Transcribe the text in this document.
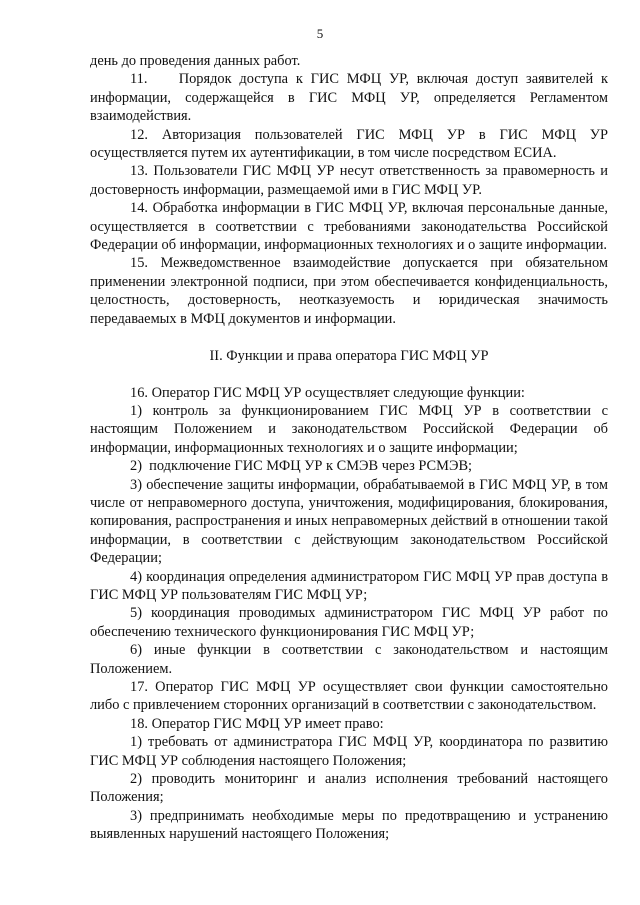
5

день до проведения данных работ.

11.    Порядок доступа к ГИС МФЦ УР, включая доступ заявителей к информации, содержащейся в ГИС МФЦ УР, определяется Регламентом взаимодействия.

12. Авторизация пользователей ГИС МФЦ УР в ГИС МФЦ УР осуществляется путем их аутентификации, в том числе посредством ЕСИА.

13. Пользователи ГИС МФЦ УР несут ответственность за правомерность и достоверность информации, размещаемой ими в ГИС МФЦ УР.

14. Обработка информации в ГИС МФЦ УР, включая персональные данные, осуществляется в соответствии с требованиями законодательства Российской Федерации об информации, информационных технологиях и о защите информации.

15. Межведомственное взаимодействие допускается при обязательном применении электронной подписи, при этом обеспечивается конфиденциальность, целостность, достоверность, неотказуемость и юридическая значимость передаваемых в МФЦ документов и информации.

II. Функции и права оператора ГИС МФЦ УР

16. Оператор ГИС МФЦ УР осуществляет следующие функции:

1) контроль за функционированием ГИС МФЦ УР в соответствии с настоящим Положением и законодательством Российской Федерации об информации, информационных технологиях и о защите информации;

2)  подключение ГИС МФЦ УР к СМЭВ через РСМЭВ;

3) обеспечение защиты информации, обрабатываемой в ГИС МФЦ УР, в том числе от неправомерного доступа, уничтожения, модифицирования, блокирования, копирования, распространения и иных неправомерных действий в отношении такой информации, в соответствии с действующим законодательством Российской Федерации;

4) координация определения администратором ГИС МФЦ УР прав доступа в ГИС МФЦ УР пользователям ГИС МФЦ УР;

5) координация проводимых администратором ГИС МФЦ УР работ по обеспечению технического функционирования ГИС МФЦ УР;

6) иные функции в соответствии с законодательством и настоящим Положением.

17. Оператор ГИС МФЦ УР осуществляет свои функции самостоятельно либо с привлечением сторонних организаций в соответствии с законодательством.

18. Оператор ГИС МФЦ УР имеет право:

1) требовать от администратора ГИС МФЦ УР, координатора по развитию ГИС МФЦ УР соблюдения настоящего Положения;

2) проводить мониторинг и анализ исполнения требований настоящего Положения;

3) предпринимать необходимые меры по предотвращению и устранению выявленных нарушений настоящего Положения;
